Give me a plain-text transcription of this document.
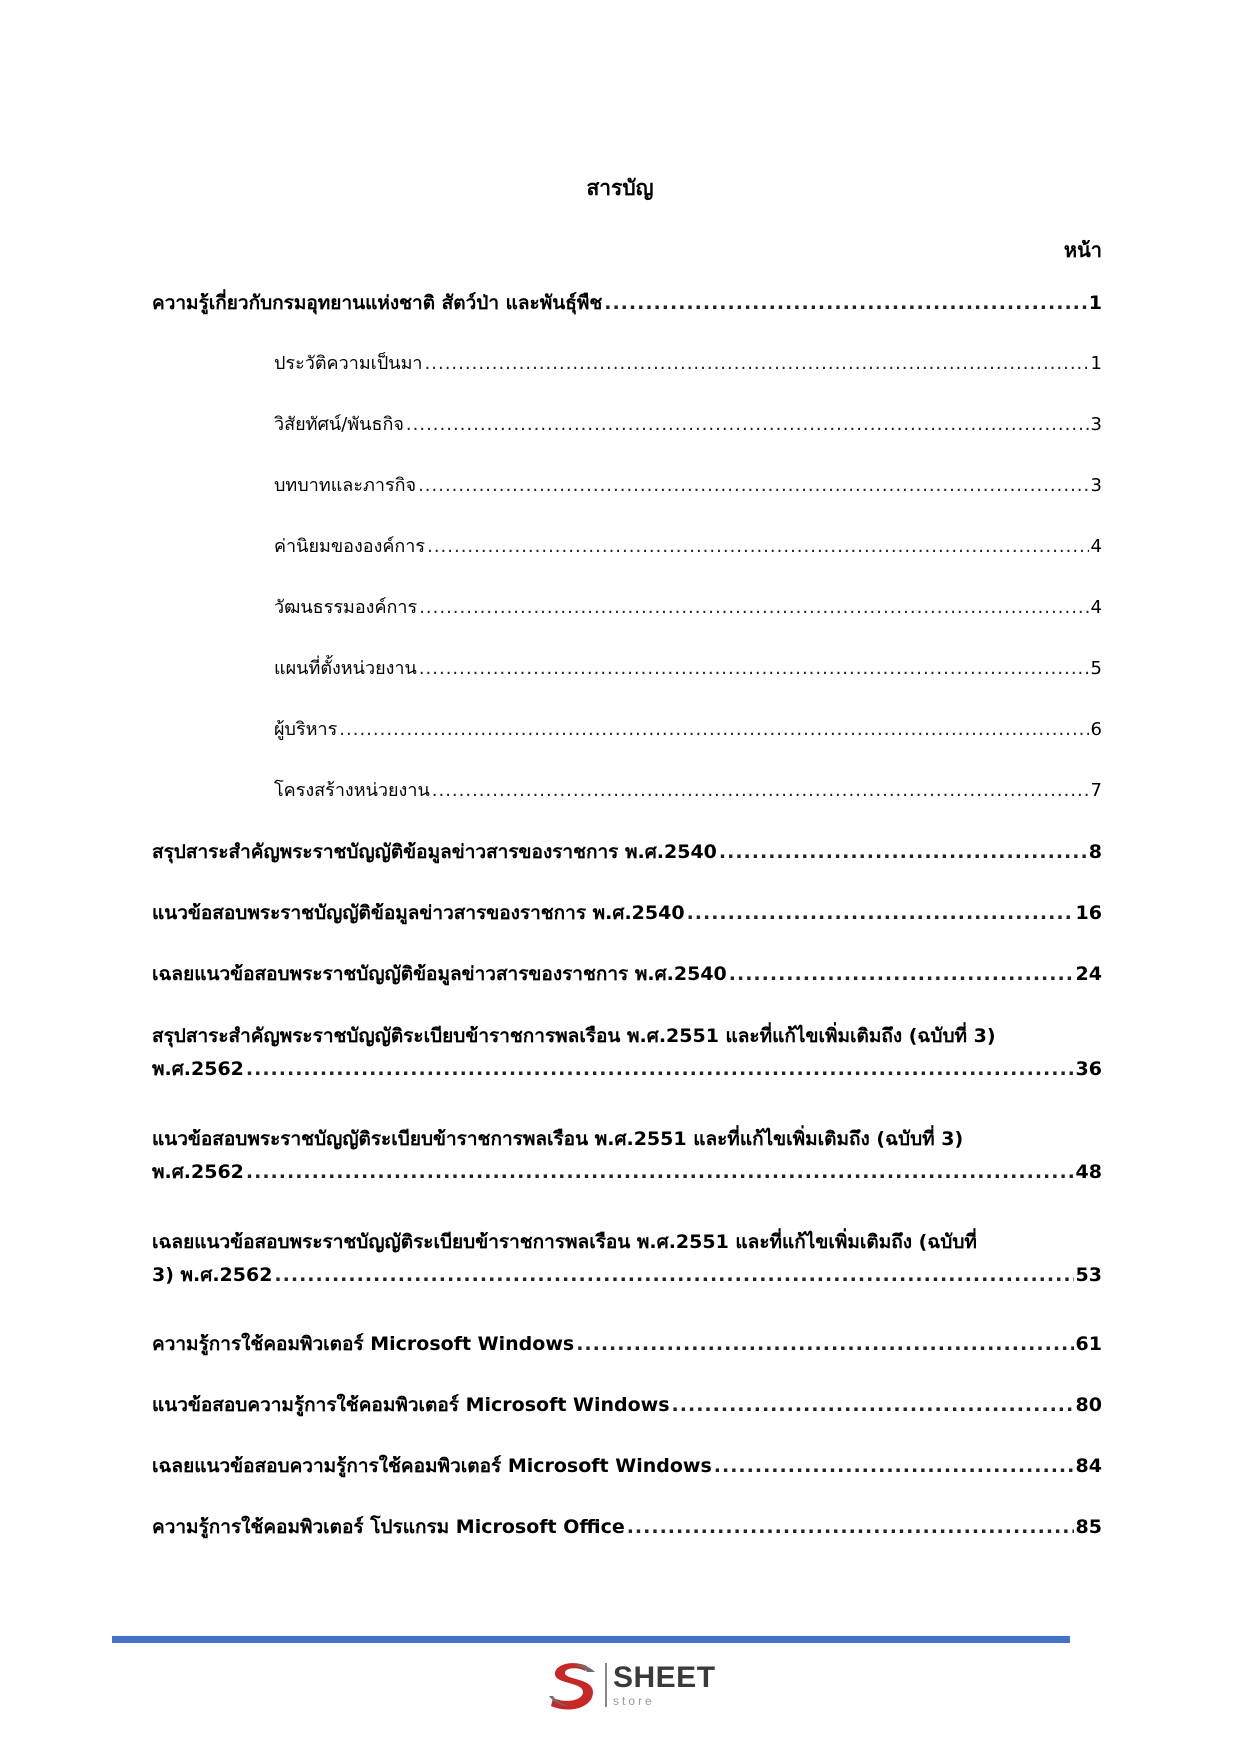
สารบัญ
หน้า
ความรู้เกี่ยวกับกรมอุทยานแห่งชาติ สัตว์ป่า และพันธุ์พืช .....	1
ประวัติความเป็นมา .....	1
วิสัยทัศน์/พันธกิจ .....	3
บทบาทและภารกิจ .....	3
ค่านิยมขององค์การ .....	4
วัฒนธรรมองค์การ .....	4
แผนที่ตั้งหน่วยงาน .....	5
ผู้บริหาร .....	6
โครงสร้างหน่วยงาน .....	7
สรุปสาระสำคัญพระราชบัญญัติข้อมูลข่าวสารของราชการ พ.ศ.2540 .....	8
แนวข้อสอบพระราชบัญญัติข้อมูลข่าวสารของราชการ พ.ศ.2540 .....	16
เฉลยแนวข้อสอบพระราชบัญญัติข้อมูลข่าวสารของราชการ พ.ศ.2540 .....	24
สรุปสาระสำคัญพระราชบัญญัติระเบียบข้าราชการพลเรือน พ.ศ.2551 และที่แก้ไขเพิ่มเติมถึง (ฉบับที่ 3)
พ.ศ.2562 .....	36
แนวข้อสอบพระราชบัญญัติระเบียบข้าราชการพลเรือน พ.ศ.2551 และที่แก้ไขเพิ่มเติมถึง (ฉบับที่ 3)
พ.ศ.2562 .....	48
เฉลยแนวข้อสอบพระราชบัญญัติระเบียบข้าราชการพลเรือน พ.ศ.2551 และที่แก้ไขเพิ่มเติมถึง (ฉบับที่
3) พ.ศ.2562 .....	53
ความรู้การใช้คอมพิวเตอร์ Microsoft Windows .....	61
แนวข้อสอบความรู้การใช้คอมพิวเตอร์ Microsoft Windows .....	80
เฉลยแนวข้อสอบความรู้การใช้คอมพิวเตอร์ Microsoft Windows .....	84
ความรู้การใช้คอมพิวเตอร์ โปรแกรม Microsoft Office .....	85
SHEET
store
